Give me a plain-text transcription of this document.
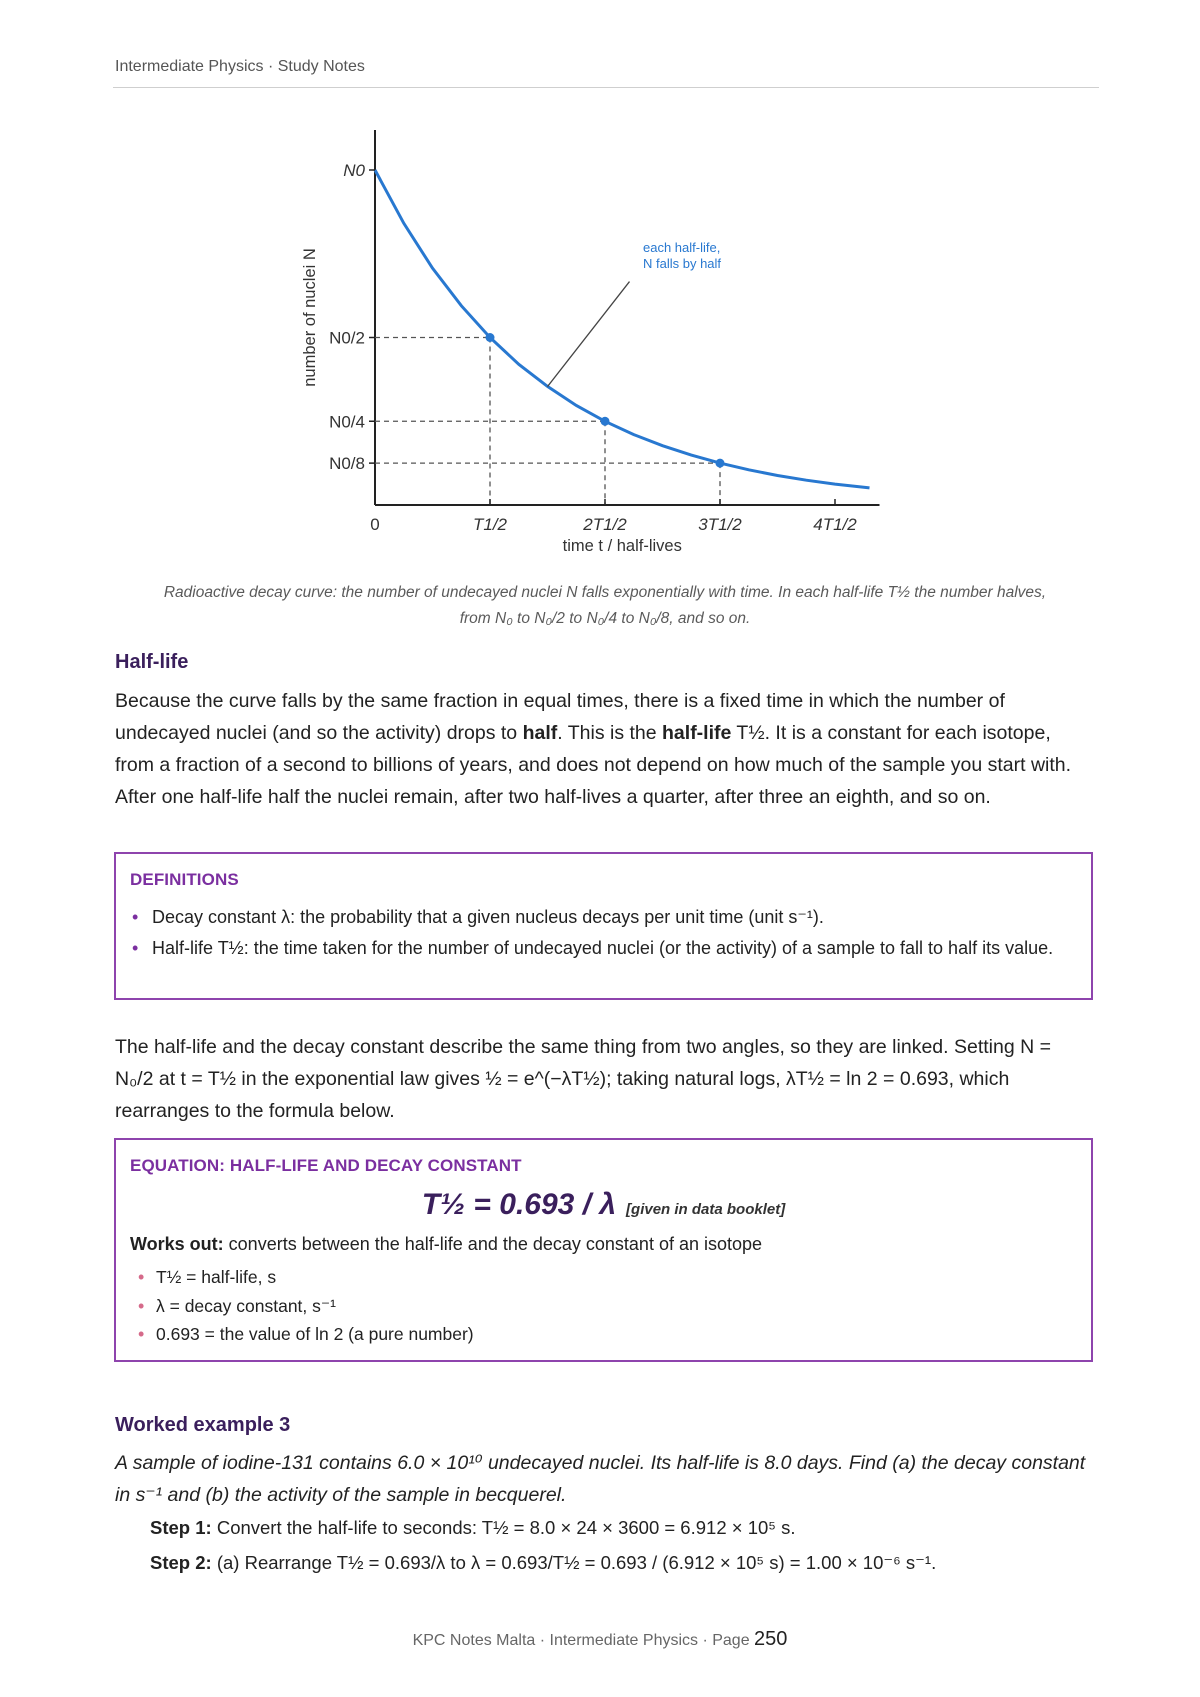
Intermediate Physics · Study Notes
0	T1/2	2T1/2	3T1/2	4T1/2
N0
N0/2
N0/4
N0/8
time t / half-lives
number of nuclei N
each half-life,
N falls by half
Radioactive decay curve: the number of undecayed nuclei N falls exponentially with time. In each half-life T½ the number halves,
from N₀ to N₀/2 to N₀/4 to N₀/8, and so on.
Half-life
Because the curve falls by the same fraction in equal times, there is a fixed time in which the number of undecayed nuclei (and so the activity) drops to half. This is the half-life T½. It is a constant for each isotope, from a fraction of a second to billions of years, and does not depend on how much of the sample you start with. After one half-life half the nuclei remain, after two half-lives a quarter, after three an eighth, and so on.
DEFINITIONS
• Decay constant λ: the probability that a given nucleus decays per unit time (unit s⁻¹).
• Half-life T½: the time taken for the number of undecayed nuclei (or the activity) of a sample to fall to half its value.
The half-life and the decay constant describe the same thing from two angles, so they are linked. Setting N = N₀/2 at t = T½ in the exponential law gives ½ = e^(−λT½); taking natural logs, λT½ = ln 2 = 0.693, which rearranges to the formula below.
EQUATION: HALF-LIFE AND DECAY CONSTANT
T½ = 0.693 / λ [given in data booklet]
Works out: converts between the half-life and the decay constant of an isotope
• T½ = half-life, s
• λ = decay constant, s⁻¹
• 0.693 = the value of ln 2 (a pure number)
Worked example 3
A sample of iodine-131 contains 6.0 × 10¹⁰ undecayed nuclei. Its half-life is 8.0 days. Find (a) the decay constant in s⁻¹ and (b) the activity of the sample in becquerel.
Step 1: Convert the half-life to seconds: T½ = 8.0 × 24 × 3600 = 6.912 × 10⁵ s.
Step 2: (a) Rearrange T½ = 0.693/λ to λ = 0.693/T½ = 0.693 / (6.912 × 10⁵ s) = 1.00 × 10⁻⁶ s⁻¹.
KPC Notes Malta · Intermediate Physics · Page 250
